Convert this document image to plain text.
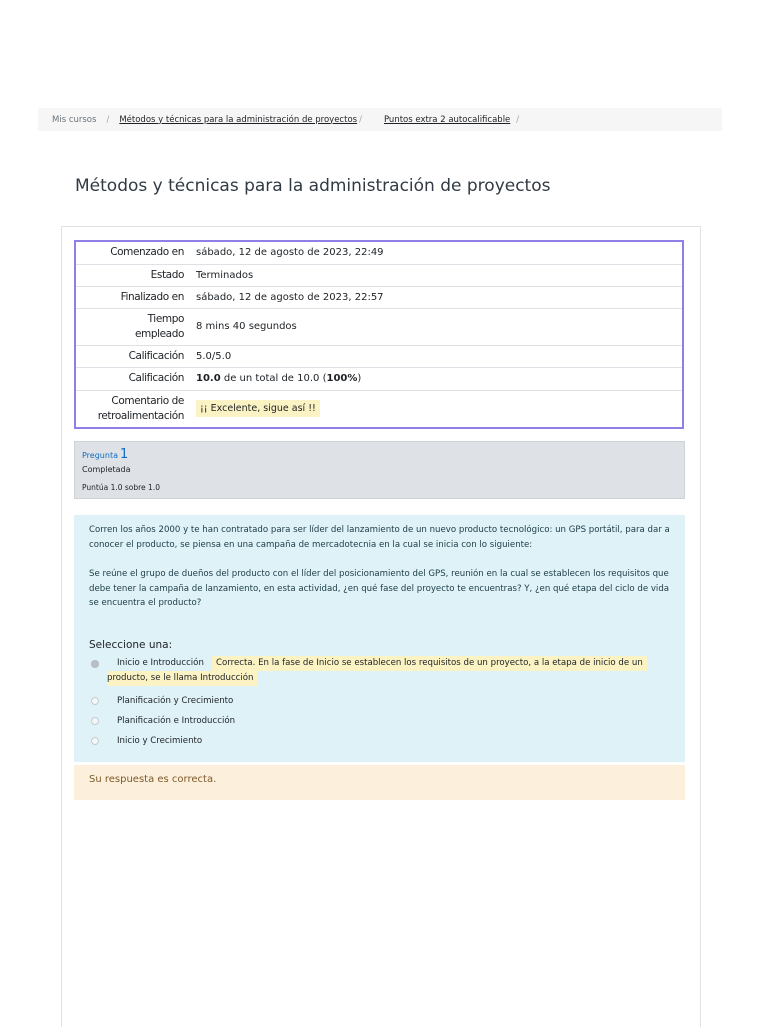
Mis cursos / Métodos y técnicas para la administración de proyectos /	Puntos extra 2 autocalificable /
Métodos y técnicas para la administración de proyectos
Comenzado en	sábado, 12 de agosto de 2023, 22:49
Estado	Terminados
Finalizado en	sábado, 12 de agosto de 2023, 22:57
Tiempo
empleado	8 mins 40 segundos
Calificación	5.0/5.0
Calificación	10.0 de un total de 10.0 (100%)
Comentario de
retroalimentación	¡¡ Excelente, sigue así !!
Pregunta 1
Completada
Puntúa 1.0 sobre 1.0

Corren los años 2000 y te han contratado para ser líder del lanzamiento de un nuevo producto tecnológico: un GPS portátil, para dar a conocer el producto, se piensa en una campaña de mercadotecnia en la cual se inicia con lo siguiente:

Se reúne el grupo de dueños del producto con el líder del posicionamiento del GPS, reunión en la cual se establecen los requisitos que debe tener la campaña de lanzamiento, en esta actividad, ¿en qué fase del proyecto te encuentras? Y, ¿en qué etapa del ciclo de vida se encuentra el producto?

Seleccione una:
Inicio e Introducción	Correcta. En la fase de Inicio se establecen los requisitos de un proyecto, a la etapa de inicio de un
producto, se le llama Introducción
Planificación y Crecimiento
Planificación e Introducción
Inicio y Crecimiento
Su respuesta es correcta.
